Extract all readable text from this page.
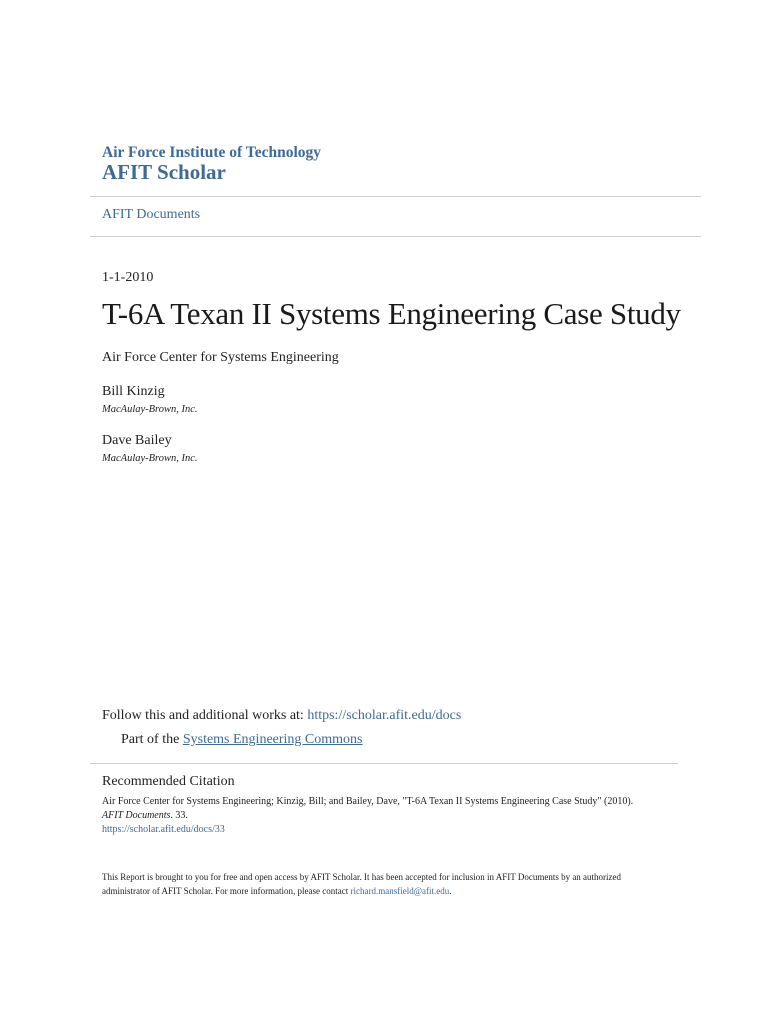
Air Force Institute of Technology
AFIT Scholar
AFIT Documents
1-1-2010
T-6A Texan II Systems Engineering Case Study
Air Force Center for Systems Engineering
Bill Kinzig
MacAulay-Brown, Inc.
Dave Bailey
MacAulay-Brown, Inc.
Follow this and additional works at: https://scholar.afit.edu/docs
Part of the Systems Engineering Commons
Recommended Citation
Air Force Center for Systems Engineering; Kinzig, Bill; and Bailey, Dave, "T-6A Texan II Systems Engineering Case Study" (2010).
AFIT Documents. 33.
https://scholar.afit.edu/docs/33
This Report is brought to you for free and open access by AFIT Scholar. It has been accepted for inclusion in AFIT Documents by an authorized
administrator of AFIT Scholar. For more information, please contact richard.mansfield@afit.edu.
